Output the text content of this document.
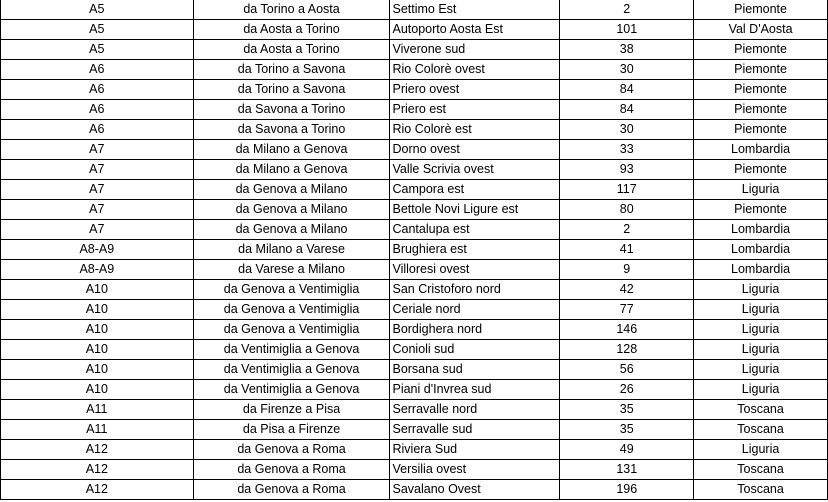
A5	da Torino a Aosta	Settimo Est	2	Piemonte
A5	da Aosta a Torino	Autoporto Aosta Est	101	Val D'Aosta
A5	da Aosta a Torino	Viverone sud	38	Piemonte
A6	da Torino a Savona	Rio Colorè ovest	30	Piemonte
A6	da Torino a Savona	Priero ovest	84	Piemonte
A6	da Savona a Torino	Priero est	84	Piemonte
A6	da Savona a Torino	Rio Colorè est	30	Piemonte
A7	da Milano a Genova	Dorno ovest	33	Lombardia
A7	da Milano a Genova	Valle Scrivia ovest	93	Piemonte
A7	da Genova a Milano	Campora est	117	Liguria
A7	da Genova a Milano	Bettole Novi Ligure est	80	Piemonte
A7	da Genova a Milano	Cantalupa est	2	Lombardia
A8-A9	da Milano a Varese	Brughiera est	41	Lombardia
A8-A9	da Varese a Milano	Villoresi ovest	9	Lombardia
A10	da Genova a Ventimiglia	San Cristoforo nord	42	Liguria
A10	da Genova a Ventimiglia	Ceriale nord	77	Liguria
A10	da Genova a Ventimiglia	Bordighera nord	146	Liguria
A10	da Ventimiglia a Genova	Conioli sud	128	Liguria
A10	da Ventimiglia a Genova	Borsana sud	56	Liguria
A10	da Ventimiglia a Genova	Piani d'Invrea sud	26	Liguria
A11	da Firenze a Pisa	Serravalle nord	35	Toscana
A11	da Pisa a Firenze	Serravalle sud	35	Toscana
A12	da Genova a Roma	Riviera Sud	49	Liguria
A12	da Genova a Roma	Versilia ovest	131	Toscana
A12	da Genova a Roma	Savalano Ovest	196	Toscana
